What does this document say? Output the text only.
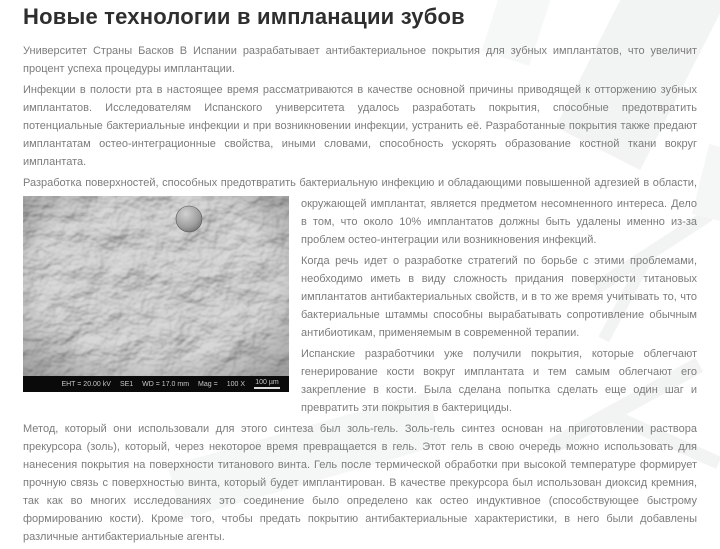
Новые технологии в импланации зубов

Университет Страны Басков В Испании разрабатывает антибактериальное покрытия для зубных имплантатов, что увеличит процент успеха процедуры имплантации.

Инфекции в полости рта в настоящее время рассматриваются в качестве основной причины приводящей к отторжению зубных имплантатов. Исследователям Испанского университета удалось разработать покрытия, способные предотвратить потенциальные бактериальные инфекции и при возникновении инфекции, устранить её. Разработанные покрытия также предают имплантатам остео-интеграционные свойства, иными словами, способность ускорять образование костной ткани вокруг имплантата.

Разработка поверхностей, способных предотвратить бактериальную инфекцию и обладающими повышенной адгезией в области,
EHT = 20.00 kV SE1 WD = 17.0 mm Mag = 100 X 100 µm

окружающей имплантат, является предметом несомненного интереса. Дело в том, что около 10% имплантатов должны быть удалены именно из-за проблем остео-интеграции или возникновения инфекций.

Когда речь идет о разработке стратегий по борьбе с этими проблемами, необходимо иметь в виду сложность придания поверхности титановых имплантатов антибактериальных свойств, и в то же время учитывать то, что бактериальные штаммы способны вырабатывать сопротивление обычным антибиотикам, применяемым в современной терапии.

Испанские разработчики уже получили покрытия, которые облегчают генерирование кости вокруг имплантата и тем самым облегчают его закрепление в кости. Была сделана попытка сделать еще один шаг и превратить эти покрытия в бактерициды.

Метод, который они использовали для этого синтеза был золь-гель. Золь-гель синтез основан на приготовлении раствора прекурсора (золь), который, через некоторое время превращается в гель. Этот гель в свою очередь можно использовать для нанесения покрытия на поверхности титанового винта. Гель после термической обработки при высокой температуре формирует прочную связь с поверхностью винта, который будет имплантирован. В качестве прекурсора был использован диоксид кремния, так как во многих исследованиях это соединение было определено как остео индуктивное (способствующее быстрому формированию кости). Кроме того, чтобы предать покрытию антибактериальные характеристики, в него были добавлены различные антибактериальные агенты.
